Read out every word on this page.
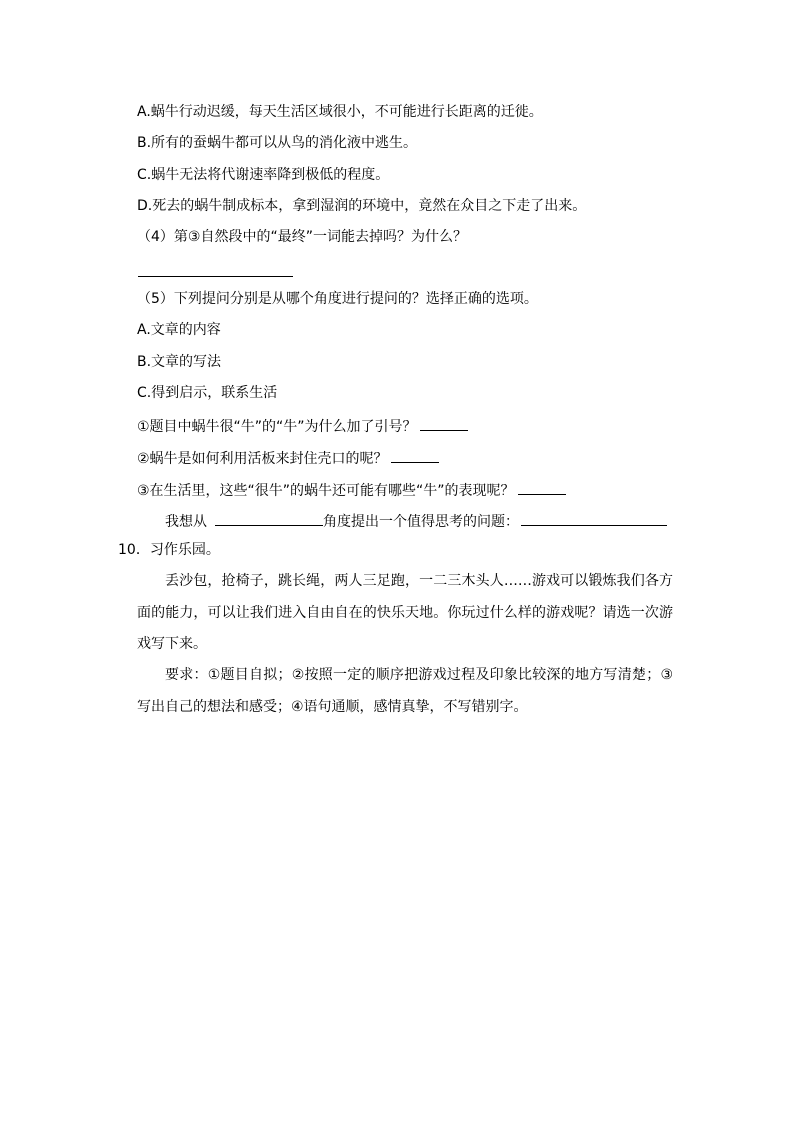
A.蜗牛行动迟缓，每天生活区域很小，不可能进行长距离的迁徙。
B.所有的蚕蜗牛都可以从鸟的消化液中逃生。
C.蜗牛无法将代谢速率降到极低的程度。
D.死去的蜗牛制成标本，拿到湿润的环境中，竟然在众目之下走了出来。
（4）第③自然段中的“最终”一词能去掉吗？为什么？
（5）下列提问分别是从哪个角度进行提问的？选择正确的选项。
A.文章的内容
B.文章的写法
C.得到启示，联系生活
①题目中蜗牛很“牛”的“牛”为什么加了引号？
②蜗牛是如何利用活板来封住壳口的呢？
③在生活里，这些“很牛”的蜗牛还可能有哪些“牛”的表现呢？
我想从	角度提出一个值得思考的问题：
10．习作乐园。
丢沙包，抢椅子，跳长绳，两人三足跑，一二三木头人……游戏可以锻炼我们各方面的能力，可以让我们进入自由自在的快乐天地。你玩过什么样的游戏呢？请选一次游戏写下来。
要求：①题目自拟；②按照一定的顺序把游戏过程及印象比较深的地方写清楚；③写出自己的想法和感受；④语句通顺，感情真挚，不写错别字。
